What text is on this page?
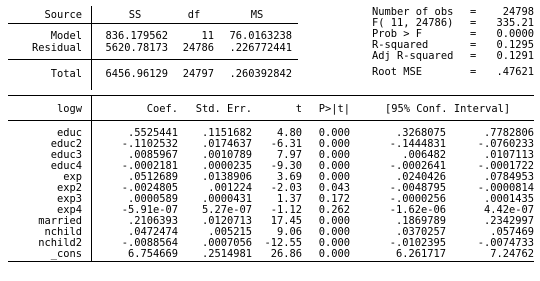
Source	SS	df	MS
Model	836.179562	11	76.0163238
Residual	5620.78173	24786	.226772441
Total	6456.96129	24797	.260392842
Number of obs =	24798
F( 11, 24786) =	335.21
Prob > F	=	0.0000
R-squared	=	0.1295
Adj R-squared =	0.1291
Root MSE	=	.47621
logw	Coef.	Std. Err.	t	P>|t|	[95% Conf. Interval]
educ	.5525441	.1151682	4.80	0.000	.3268075	.7782806
educ2	-.1102532	.0174637	-6.31	0.000	-.1444831	-.0760233
educ3	.0085967	.0010789	7.97	0.000	.006482	.0107113
educ4	-.0002181	.0000235	-9.30	0.000	-.0002641	-.0001722
exp	.0512689	.0138906	3.69	0.000	.0240426	.0784953
exp2	-.0024805	.001224	-2.03	0.043	-.0048795	-.0000814
exp3	.0000589	.0000431	1.37	0.172	-.0000256	.0001435
exp4	-5.91e-07	5.27e-07	-1.12	0.262	-1.62e-06	4.42e-07
married	.2106393	.0120713	17.45	0.000	.1869789	.2342997
nchild	.0472474	.005215	9.06	0.000	.0370257	.057469
nchild2	-.0088564	.0007056 -12.55	0.000	-.0102395	-.0074733
_cons	6.754669	.2514981	26.86	0.000	6.261717	7.24762
